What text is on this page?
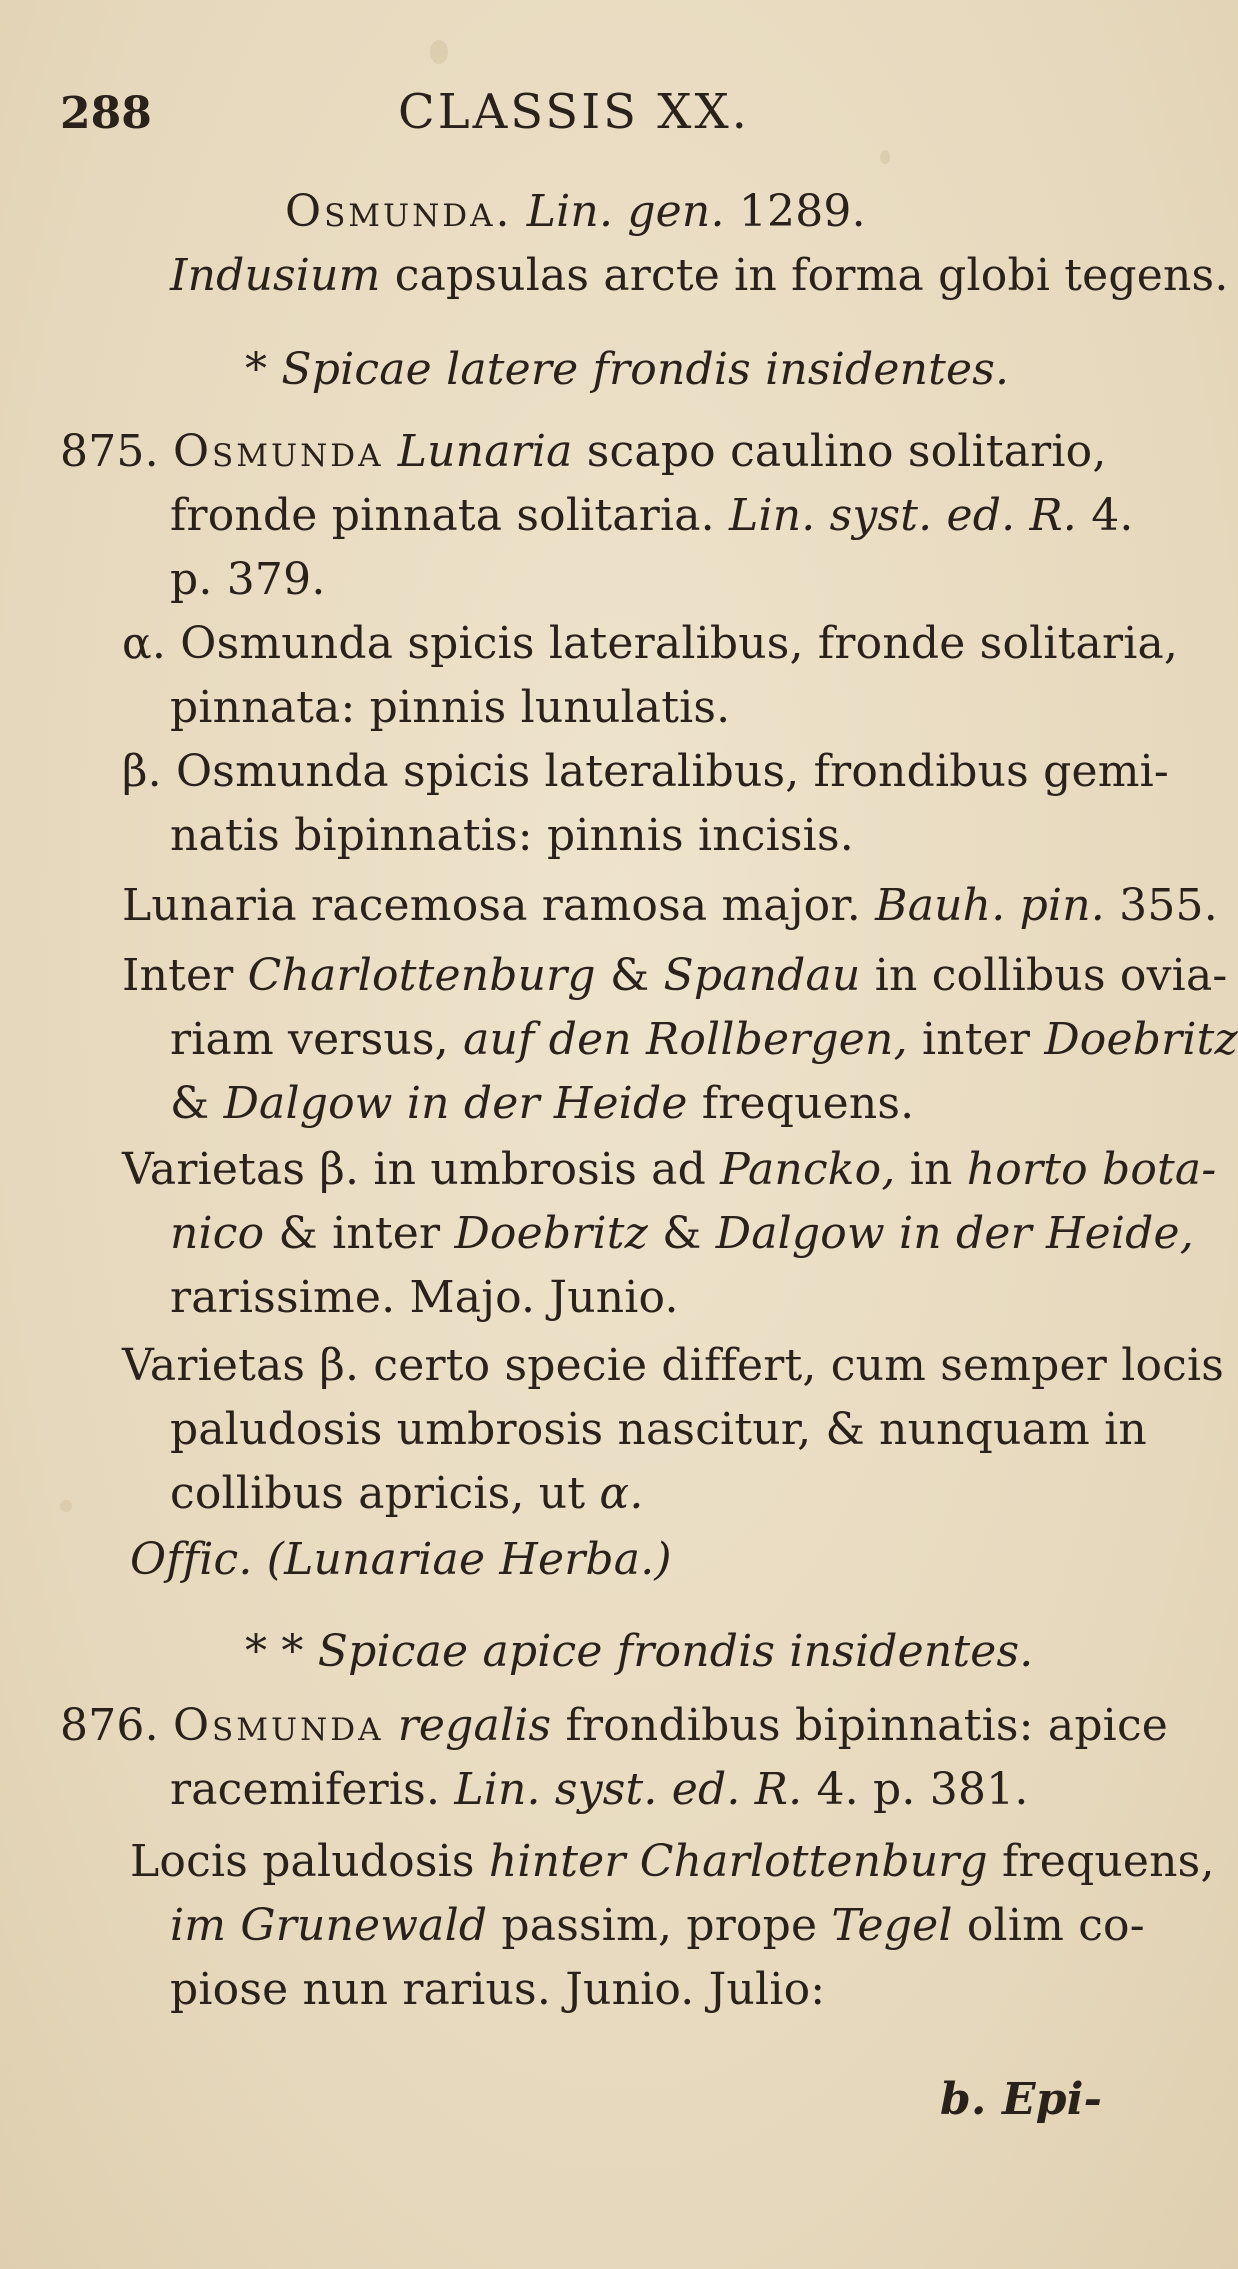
288	CLASSIS XX.
Osmunda. Lin. gen. 1289.
Indusium capsulas arcte in forma globi tegens.
* Spicae latere frondis insidentes.
875. Osmunda Lunaria scapo caulino solitario,
fronde pinnata solitaria. Lin. syst. ed. R. 4.
p. 379.
α. Osmunda spicis lateralibus, fronde solitaria,
pinnata: pinnis lunulatis.
β. Osmunda spicis lateralibus, frondibus gemi-
natis bipinnatis: pinnis incisis.
Lunaria racemosa ramosa major. Bauh. pin. 355.
Inter Charlottenburg & Spandau in collibus ovia-
riam versus, auf den Rollbergen, inter Doebritz
& Dalgow in der Heide frequens.
Varietas β. in umbrosis ad Pancko, in horto bota-
nico & inter Doebritz & Dalgow in der Heide,
rarissime. Majo. Junio.
Varietas β. certo specie differt, cum semper locis
paludosis umbrosis nascitur, & nunquam in
collibus apricis, ut α.
Offic. (Lunariae Herba.)
* * Spicae apice frondis insidentes.
876. Osmunda regalis frondibus bipinnatis: apice
racemiferis. Lin. syst. ed. R. 4. p. 381.
Locis paludosis hinter Charlottenburg frequens,
im Grunewald passim, prope Tegel olim co-
piose nun rarius. Junio. Julio:
b. Epi-
